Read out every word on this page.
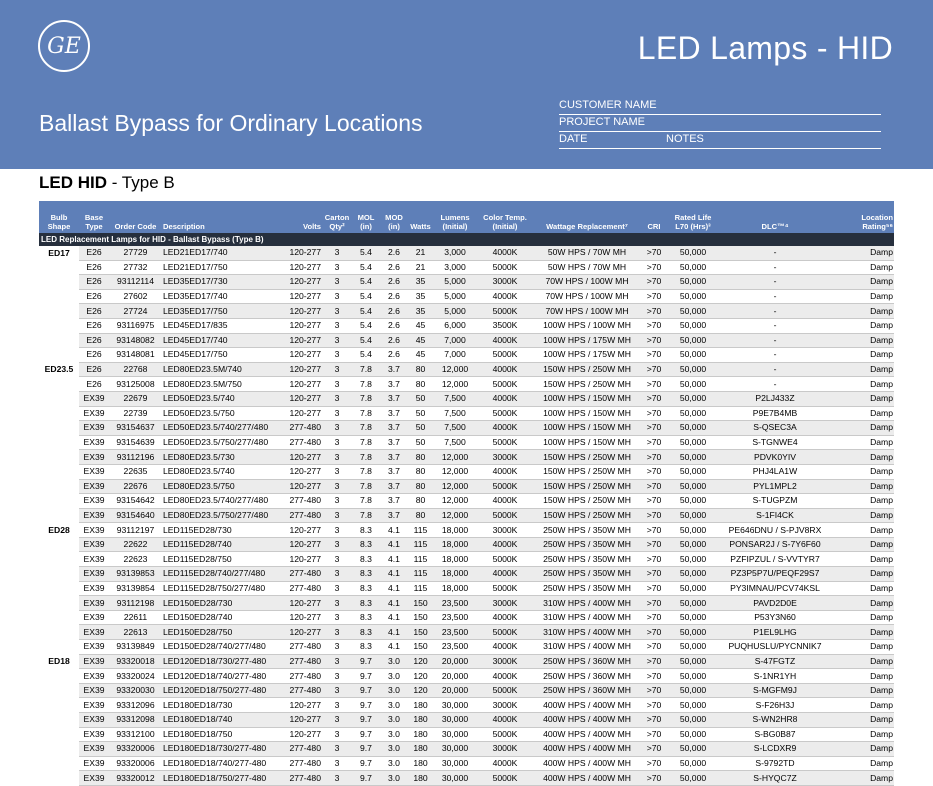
GE	LED Lamps - HID
Ballast Bypass for Ordinary Locations
CUSTOMER NAME
PROJECT NAME
DATE	NOTES
LED HID - Type B
Bulb Shape	Base Type	Order Code	Description	Volts	Carton Qty²	MOL (in)	MOD (in)	Watts	Lumens (Initial)	Color Temp. (Initial)	Wattage Replacement⁷	CRI	Rated Life L70 (Hrs)³	DLC™⁴	Location Rating⁵⁶
LED Replacement Lamps for HID - Ballast Bypass (Type B)															
ED17	E26	27729	LED21ED17/740	120-277	3	5.4	2.6	21	3,000	4000K	50W HPS / 70W MH	>70	50,000	-	Damp
	E26	27732	LED21ED17/750	120-277	3	5.4	2.6	21	3,000	5000K	50W HPS / 70W MH	>70	50,000	-	Damp
	E26	93112114	LED35ED17/730	120-277	3	5.4	2.6	35	5,000	3000K	70W HPS / 100W MH	>70	50,000	-	Damp
	E26	27602	LED35ED17/740	120-277	3	5.4	2.6	35	5,000	4000K	70W HPS / 100W MH	>70	50,000	-	Damp
	E26	27724	LED35ED17/750	120-277	3	5.4	2.6	35	5,000	5000K	70W HPS / 100W MH	>70	50,000	-	Damp
	E26	93116975	LED45ED17/835	120-277	3	5.4	2.6	45	6,000	3500K	100W HPS / 100W MH	>70	50,000	-	Damp
	E26	93148082	LED45ED17/740	120-277	3	5.4	2.6	45	7,000	4000K	100W HPS / 175W MH	>70	50,000	-	Damp
	E26	93148081	LED45ED17/750	120-277	3	5.4	2.6	45	7,000	5000K	100W HPS / 175W MH	>70	50,000	-	Damp
ED23.5	E26	22768	LED80ED23.5M/740	120-277	3	7.8	3.7	80	12,000	4000K	150W HPS / 250W MH	>70	50,000	-	Damp
	E26	93125008	LED80ED23.5M/750	120-277	3	7.8	3.7	80	12,000	5000K	150W HPS / 250W MH	>70	50,000	-	Damp
	EX39	22679	LED50ED23.5/740	120-277	3	7.8	3.7	50	7,500	4000K	100W HPS / 150W MH	>70	50,000	P2LJ433Z	Damp
	EX39	22739	LED50ED23.5/750	120-277	3	7.8	3.7	50	7,500	5000K	100W HPS / 150W MH	>70	50,000	P9E7B4MB	Damp
	EX39	93154637	LED50ED23.5/740/277/480	277-480	3	7.8	3.7	50	7,500	4000K	100W HPS / 150W MH	>70	50,000	S-QSEC3A	Damp
	EX39	93154639	LED50ED23.5/750/277/480	277-480	3	7.8	3.7	50	7,500	5000K	100W HPS / 150W MH	>70	50,000	S-TGNWE4	Damp
	EX39	93112196	LED80ED23.5/730	120-277	3	7.8	3.7	80	12,000	3000K	150W HPS / 250W MH	>70	50,000	PDVK0YIV	Damp
	EX39	22635	LED80ED23.5/740	120-277	3	7.8	3.7	80	12,000	4000K	150W HPS / 250W MH	>70	50,000	PHJ4LA1W	Damp
	EX39	22676	LED80ED23.5/750	120-277	3	7.8	3.7	80	12,000	5000K	150W HPS / 250W MH	>70	50,000	PYL1MPL2	Damp
	EX39	93154642	LED80ED23.5/740/277/480	277-480	3	7.8	3.7	80	12,000	4000K	150W HPS / 250W MH	>70	50,000	S-TUGPZM	Damp
	EX39	93154640	LED80ED23.5/750/277/480	277-480	3	7.8	3.7	80	12,000	5000K	150W HPS / 250W MH	>70	50,000	S-1FI4CK	Damp
ED28	EX39	93112197	LED115ED28/730	120-277	3	8.3	4.1	115	18,000	3000K	250W HPS / 350W MH	>70	50,000	PE646DNU / S-PJV8RX	Damp
	EX39	22622	LED115ED28/740	120-277	3	8.3	4.1	115	18,000	4000K	250W HPS / 350W MH	>70	50,000	PONSAR2J / S-7Y6F60	Damp
	EX39	22623	LED115ED28/750	120-277	3	8.3	4.1	115	18,000	5000K	250W HPS / 350W MH	>70	50,000	PZFIPZUL / S-VVTYR7	Damp
	EX39	93139853	LED115ED28/740/277/480	277-480	3	8.3	4.1	115	18,000	4000K	250W HPS / 350W MH	>70	50,000	PZ3P5P7U/PEQF29S7	Damp
	EX39	93139854	LED115ED28/750/277/480	277-480	3	8.3	4.1	115	18,000	5000K	250W HPS / 350W MH	>70	50,000	PY3IMNAU/PCV74KSL	Damp
	EX39	93112198	LED150ED28/730	120-277	3	8.3	4.1	150	23,500	3000K	310W HPS / 400W MH	>70	50,000	PAVD2D0E	Damp
	EX39	22611	LED150ED28/740	120-277	3	8.3	4.1	150	23,500	4000K	310W HPS / 400W MH	>70	50,000	P53Y3N60	Damp
	EX39	22613	LED150ED28/750	120-277	3	8.3	4.1	150	23,500	5000K	310W HPS / 400W MH	>70	50,000	P1EL9LHG	Damp
	EX39	93139849	LED150ED28/740/277/480	277-480	3	8.3	4.1	150	23,500	4000K	310W HPS / 400W MH	>70	50,000	PUQHUSLU/PYCNNIK7	Damp
ED18	EX39	93320018	LED120ED18/730/277-480	277-480	3	9.7	3.0	120	20,000	3000K	250W HPS / 360W MH	>70	50,000	S-47FGTZ	Damp
	EX39	93320024	LED120ED18/740/277-480	277-480	3	9.7	3.0	120	20,000	4000K	250W HPS / 360W MH	>70	50,000	S-1NR1YH	Damp
	EX39	93320030	LED120ED18/750/277-480	277-480	3	9.7	3.0	120	20,000	5000K	250W HPS / 360W MH	>70	50,000	S-MGFM9J	Damp
	EX39	93312096	LED180ED18/730	120-277	3	9.7	3.0	180	30,000	3000K	400W HPS / 400W MH	>70	50,000	S-F26H3J	Damp
	EX39	93312098	LED180ED18/740	120-277	3	9.7	3.0	180	30,000	4000K	400W HPS / 400W MH	>70	50,000	S-WN2HR8	Damp
	EX39	93312100	LED180ED18/750	120-277	3	9.7	3.0	180	30,000	5000K	400W HPS / 400W MH	>70	50,000	S-BG0B87	Damp
	EX39	93320006	LED180ED18/730/277-480	277-480	3	9.7	3.0	180	30,000	3000K	400W HPS / 400W MH	>70	50,000	S-LCDXR9	Damp
	EX39	93320006	LED180ED18/740/277-480	277-480	3	9.7	3.0	180	30,000	4000K	400W HPS / 400W MH	>70	50,000	S-9792TD	Damp
	EX39	93320012	LED180ED18/750/277-480	277-480	3	9.7	3.0	180	30,000	5000K	400W HPS / 400W MH	>70	50,000	S-HYQC7Z	Damp
